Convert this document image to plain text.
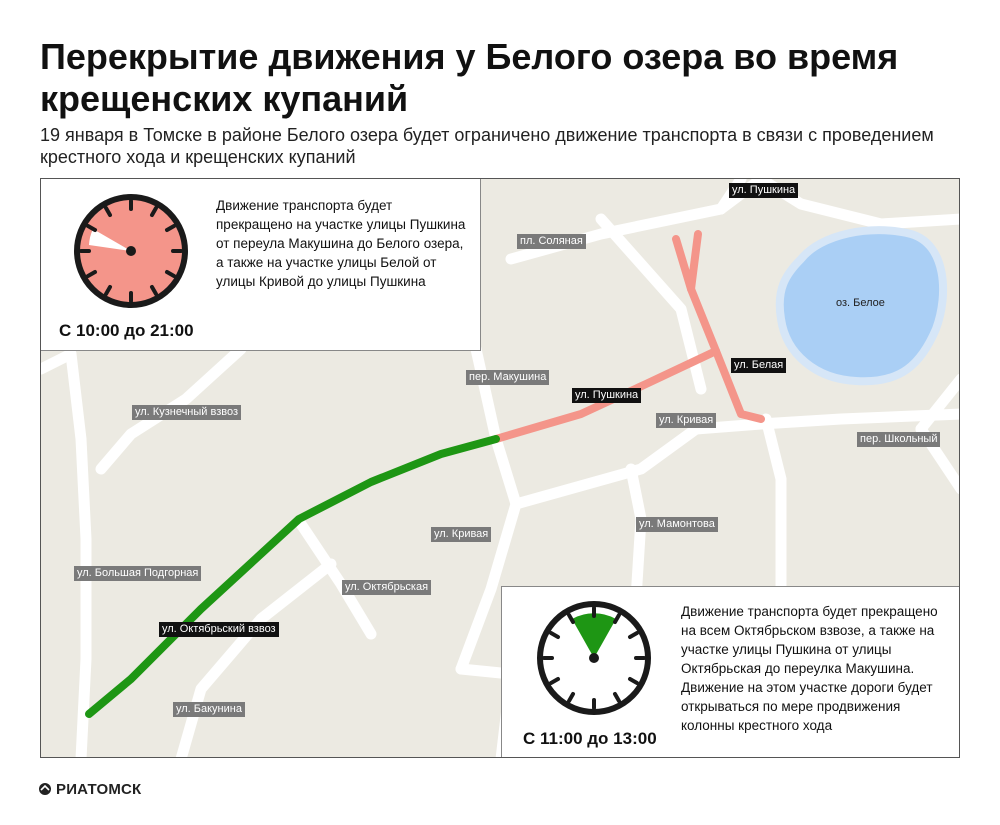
Перекрытие движения у Белого озера во время крещенских купаний

19 января в Томске в районе Белого озера будет ограничено движение транспорта в связи с проведением крестного хода и крещенских купаний

оз. Белое
ул. Пушкина
пл. Соляная
ул. Белая
пер. Макушина
ул. Пушкина
ул. Кривая
пер. Школьный
ул. Кузнечный взвоз
ул. Кривая
ул. Мамонтова
ул. Большая Подгорная
ул. Октябрьская
ул. Октябрьский взвоз
ул. Бакунина
Движение транспорта будет прекращено на участке улицы Пушкина от переула Макушина до Белого озера, а также на участке улицы Белой от улицы Кривой до улицы Пушкина
С 10:00 до 21:00
Движение транспорта будет прекращено на всем Октябрьском взвозе, а также на участке улицы Пушкина от улицы Октябрьская до переулка Макушина. Движение на этом участке дороги будет открываться по мере продвижения колонны крестного хода
С 11:00 до 13:00
РИАТОМСК
